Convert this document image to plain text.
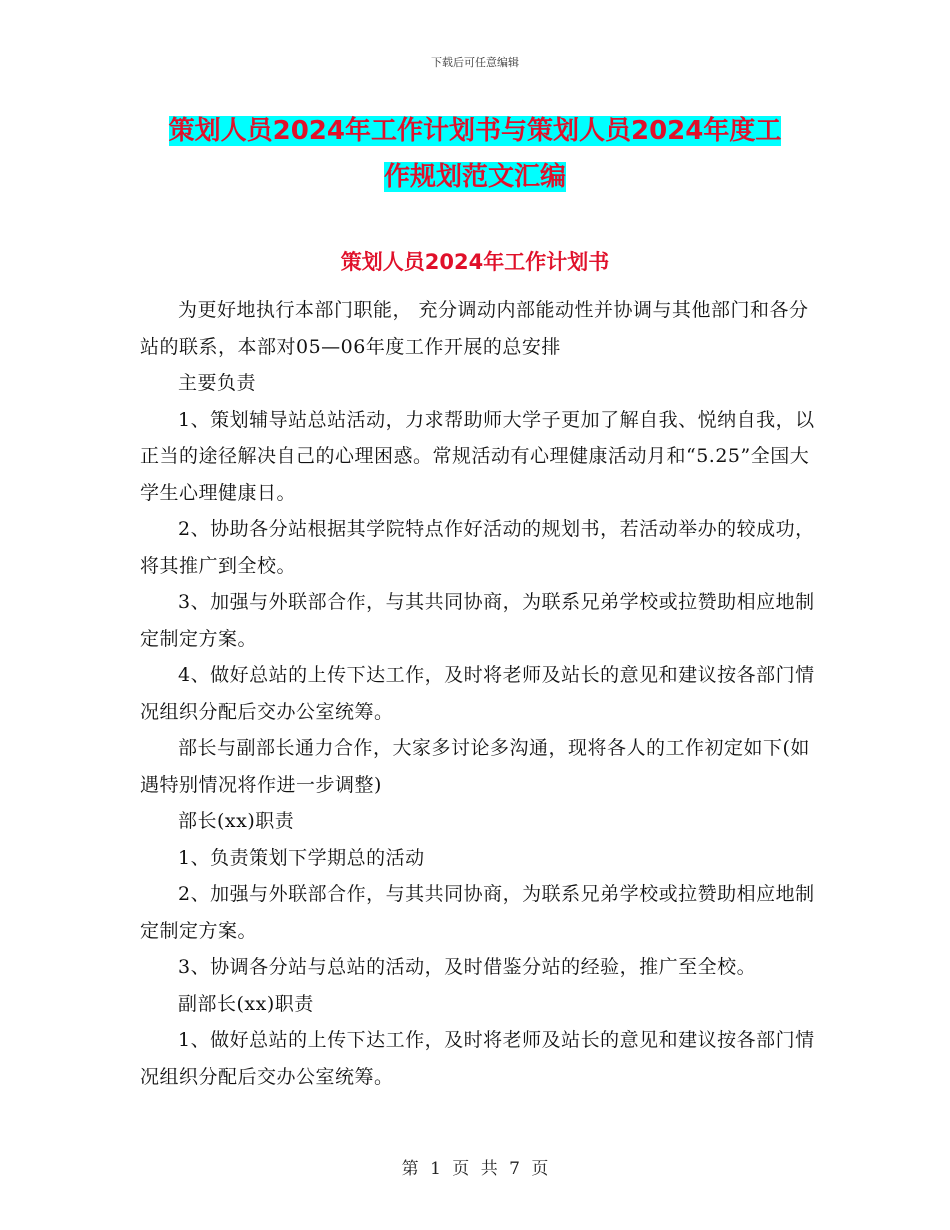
下载后可任意编辑
策划人员2024年工作计划书与策划人员2024年度工
作规划范文汇编
策划人员2024年工作计划书

为更好地执行本部门职能， 充分调动内部能动性并协调与其他部门和各分站的联系，本部对05—06年度工作开展的总安排

主要负责

1、策划辅导站总站活动，力求帮助师大学子更加了解自我、悦纳自我，以正当的途径解决自己的心理困惑。常规活动有心理健康活动月和“5.25”全国大学生心理健康日。

2、协助各分站根据其学院特点作好活动的规划书，若活动举办的较成功，将其推广到全校。

3、加强与外联部合作，与其共同协商，为联系兄弟学校或拉赞助相应地制定制定方案。

4、做好总站的上传下达工作，及时将老师及站长的意见和建议按各部门情况组织分配后交办公室统筹。

部长与副部长通力合作，大家多讨论多沟通，现将各人的工作初定如下(如遇特别情况将作进一步调整)

部长(xx)职责

1、负责策划下学期总的活动

2、加强与外联部合作，与其共同协商，为联系兄弟学校或拉赞助相应地制定制定方案。

3、协调各分站与总站的活动，及时借鉴分站的经验，推广至全校。

副部长(xx)职责

1、做好总站的上传下达工作，及时将老师及站长的意见和建议按各部门情况组织分配后交办公室统筹。

第 1 页 共 7 页
